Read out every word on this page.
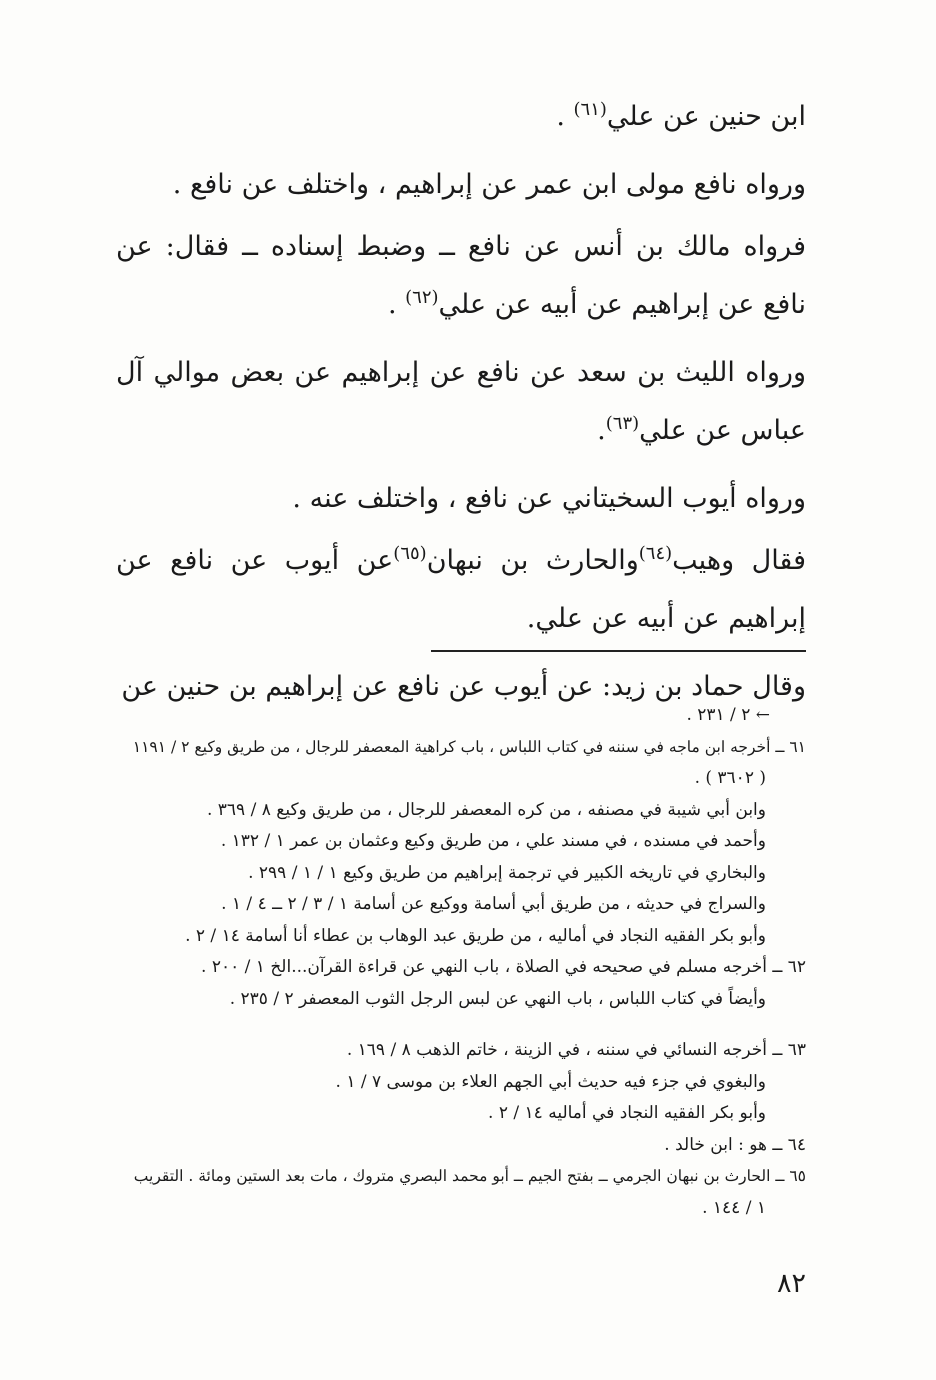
ابن حنين عن علي$^{(٦١)}$ .

ورواه نافع مولى ابن عمر عن إبراهيم ، واختلف عن نافع .

فرواه مالك بن أنس عن نافع ــ وضبط إسناده ــ فقال: عن نافع عن إبراهيم عن أبيه عن علي$^{(٦٢)}$ .

ورواه الليث بن سعد عن نافع عن إبراهيم عن بعض موالي آل عباس عن علي$^{(٦٣)}$.

ورواه أيوب السخيتاني عن نافع ، واختلف عنه .

فقال وهيب$^{(٦٤)}$والحارث بن نبهان$^{(٦٥)}$عن أيوب عن نافع عن إبراهيم عن أبيه عن علي.

وقال حماد بن زيد: عن أيوب عن نافع عن إبراهيم بن حنين عن

← ٢ / ٢٣١ .
٦١ ــ أخرجه ابن ماجه في سننه في كتاب اللباس ، باب كراهية المعصفر للرجال ، من طريق وكيع ٢ / ١١٩١
( ٣٦٠٢ ) .
وابن أبي شيبة في مصنفه ، من كره المعصفر للرجال ، من طريق وكيع ٨ / ٣٦٩ .
وأحمد في مسنده ، في مسند علي ، من طريق وكيع وعثمان بن عمر ١ / ١٣٢ .
والبخاري في تاريخه الكبير في ترجمة إبراهيم من طريق وكيع ١ / ١ / ٢٩٩ .
والسراج في حديثه ، من طريق أبي أسامة ووكيع عن أسامة ١ / ٣ / ٢ ــ ٤ / ١ .
وأبو بكر الفقيه النجاد في أماليه ، من طريق عبد الوهاب بن عطاء أنا أسامة ١٤ / ٢ .
٦٢ ــ أخرجه مسلم في صحيحه في الصلاة ، باب النهي عن قراءة القرآن...الخ ١ / ٢٠٠ .
وأيضاً في كتاب اللباس ، باب النهي عن لبس الرجل الثوب المعصفر ٢ / ٢٣٥ .
٦٣ ــ أخرجه النسائي في سننه ، في الزينة ، خاتم الذهب ٨ / ١٦٩ .
والبغوي في جزء فيه حديث أبي الجهم العلاء بن موسى ٧ / ١ .
وأبو بكر الفقيه النجاد في أماليه ١٤ / ٢ .
٦٤ ــ هو : ابن خالد .
٦٥ ــ الحارث بن نبهان الجرمي ــ بفتح الجيم ــ أبو محمد البصري متروك ، مات بعد الستين ومائة . التقريب
١ / ١٤٤ .
٨٢
